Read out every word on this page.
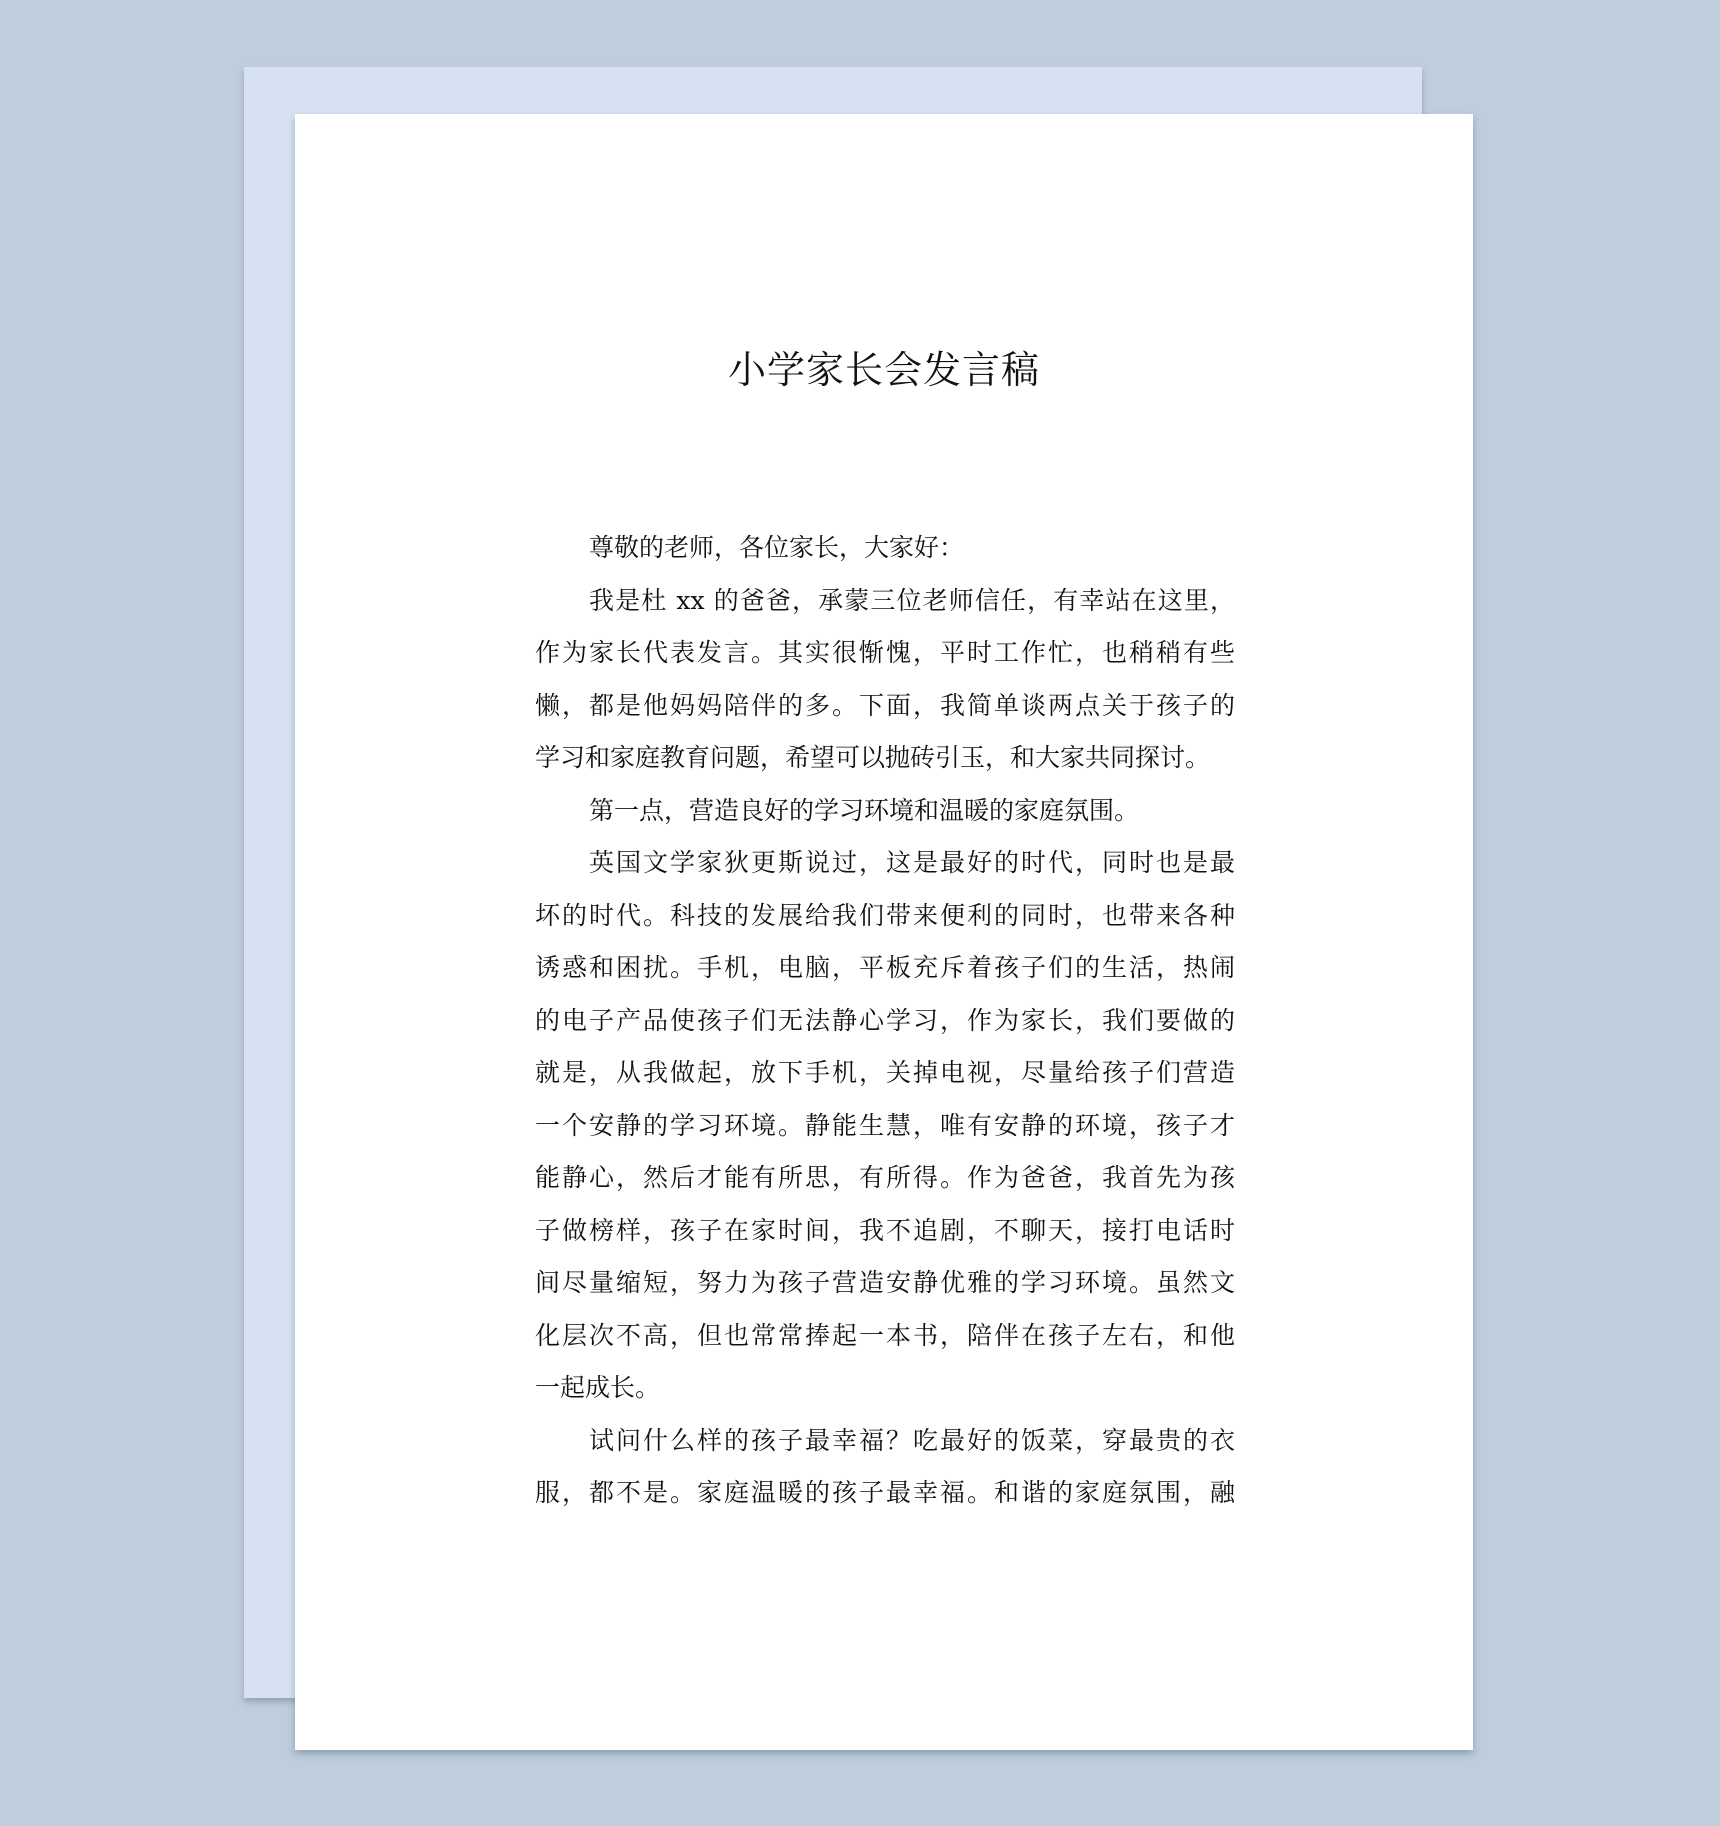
小学家长会发言稿
尊敬的老师，各位家长，大家好：
我是杜 xx 的爸爸，承蒙三位老师信任，有幸站在这里，
作为家长代表发言。其实很惭愧，平时工作忙，也稍稍有些
懒，都是他妈妈陪伴的多。下面，我简单谈两点关于孩子的
学习和家庭教育问题，希望可以抛砖引玉，和大家共同探讨。
第一点，营造良好的学习环境和温暖的家庭氛围。
英国文学家狄更斯说过，这是最好的时代，同时也是最
坏的时代。科技的发展给我们带来便利的同时，也带来各种
诱惑和困扰。手机，电脑，平板充斥着孩子们的生活，热闹
的电子产品使孩子们无法静心学习，作为家长，我们要做的
就是，从我做起，放下手机，关掉电视，尽量给孩子们营造
一个安静的学习环境。静能生慧，唯有安静的环境，孩子才
能静心，然后才能有所思，有所得。作为爸爸，我首先为孩
子做榜样，孩子在家时间，我不追剧，不聊天，接打电话时
间尽量缩短，努力为孩子营造安静优雅的学习环境。虽然文
化层次不高，但也常常捧起一本书，陪伴在孩子左右，和他
一起成长。
试问什么样的孩子最幸福？吃最好的饭菜，穿最贵的衣
服，都不是。家庭温暖的孩子最幸福。和谐的家庭氛围，融
